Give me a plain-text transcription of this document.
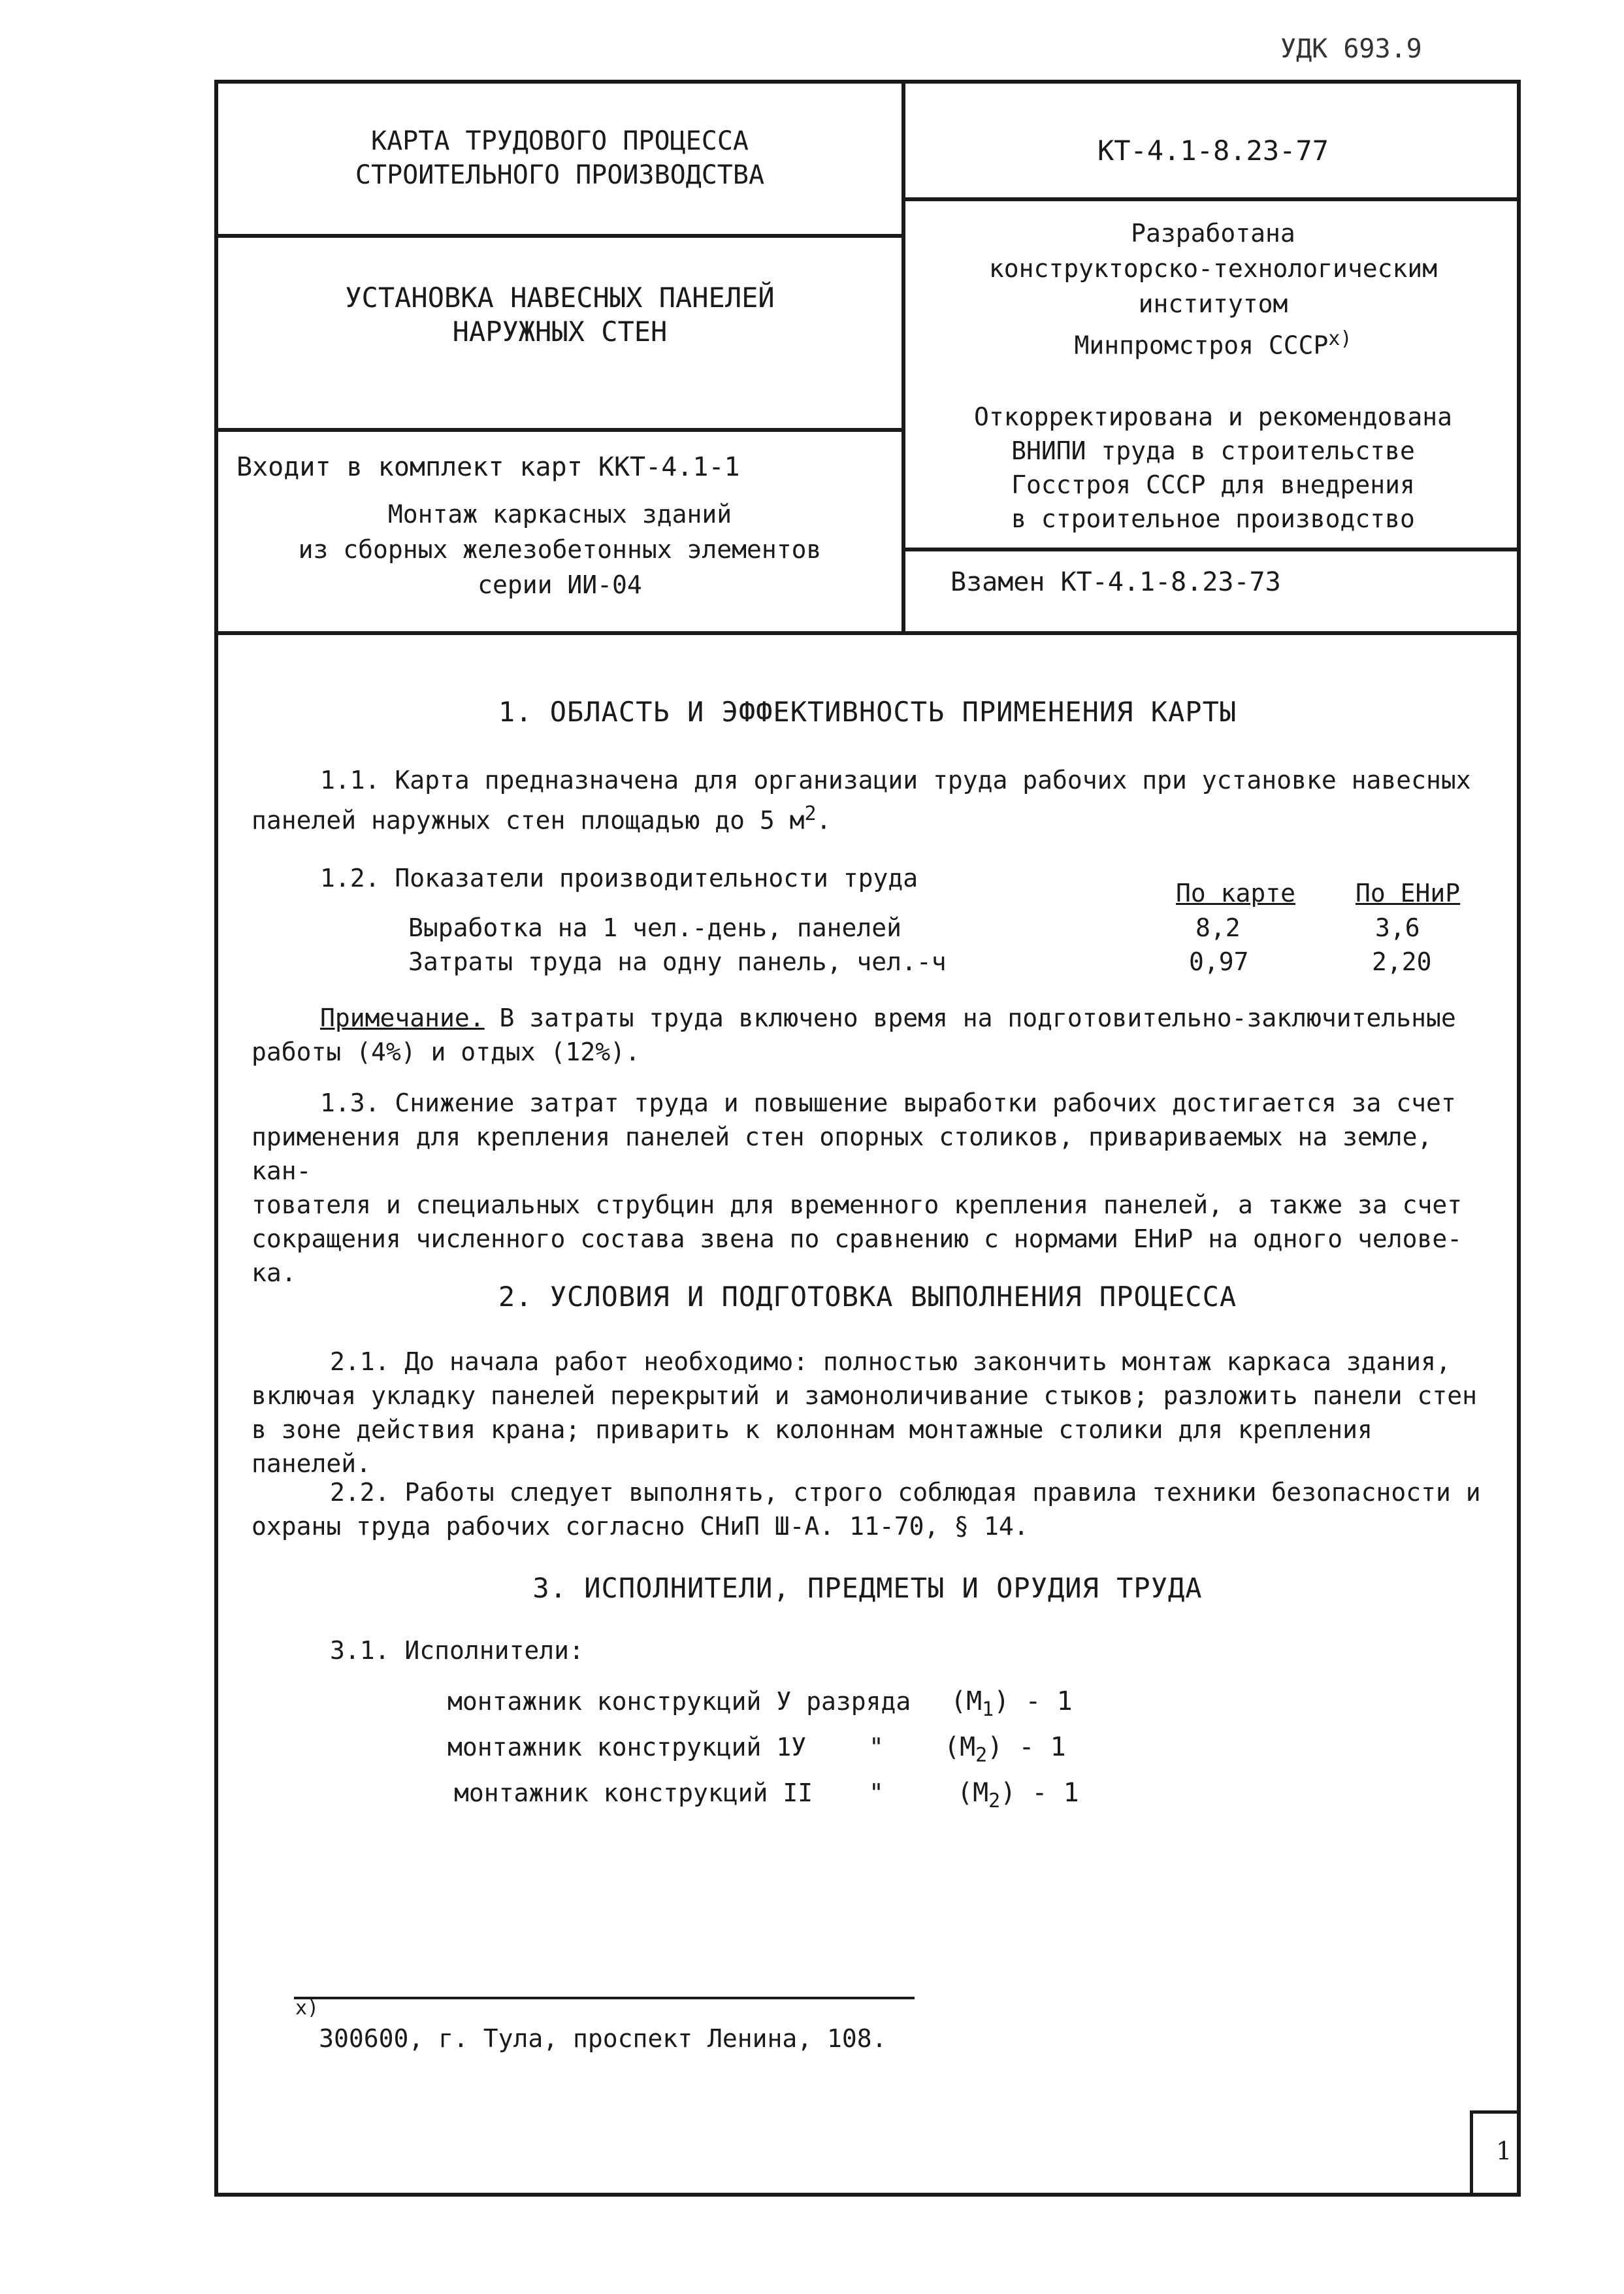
УДК 693.9
КАРТА ТРУДОВОГО ПРОЦЕССА
СТРОИТЕЛЬНОГО ПРОИЗВОДСТВА
КТ-4.1-8.23-77
УСТАНОВКА НАВЕСНЫХ ПАНЕЛЕЙ
НАРУЖНЫХ СТЕН
Разработана
конструкторско-технологическим
институтом
Минпромстроя СССР$^{x)}$
Откорректирована и рекомендована
ВНИПИ труда в строительстве
Госстроя СССР для внедрения
в строительное производство
Входит в комплект карт ККТ-4.1-1
Монтаж каркасных зданий
из сборных железобетонных элементов
серии ИИ-04	Взамен КТ-4.1-8.23-73
1. ОБЛАСТЬ И ЭФФЕКТИВНОСТЬ ПРИМЕНЕНИЯ КАРТЫ
1.1. Карта предназначена для организации труда рабочих при установке навесных
панелей наружных стен площадью до 5 $м^2$.
1.2. Показатели производительности труда
По карте По ЕНиР
Выработка на 1 чел.-день, панелей	8,2	3,6
Затраты труда на одну панель, чел.-ч	0,97	2,20
Примечание. В затраты труда включено время на подготовительно-заключительные
работы (4%) и отдых (12%).
1.3. Снижение затрат труда и повышение выработки рабочих достигается за счет
применения для крепления панелей стен опорных столиков, привариваемых на земле, кан-
тователя и специальных струбцин для временного крепления панелей, а также за счет
сокращения численного состава звена по сравнению с нормами ЕНиР на одного челове-
ка.
2. УСЛОВИЯ И ПОДГОТОВКА ВЫПОЛНЕНИЯ ПРОЦЕССА
2.1. До начала работ необходимо: полностью закончить монтаж каркаса здания,
включая укладку панелей перекрытий и замоноличивание стыков; разложить панели стен
в зоне действия крана; приварить к колоннам монтажные столики для крепления панелей.
2.2. Работы следует выполнять, строго соблюдая правила техники безопасности и
охраны труда рабочих согласно СНиП Ш-А. 11-70, § 14.
3. ИСПОЛНИТЕЛИ, ПРЕДМЕТЫ И ОРУДИЯ ТРУДА
3.1. Исполнители:
монтажник конструкций У разряда $(М_1) - 1$
монтажник конструкций 1У	" $(М_2) - 1$
монтажник конструкций II "	$(М_2) - 1$
$^{x)}$300600, г. Тула, проспект Ленина, 108.
1
